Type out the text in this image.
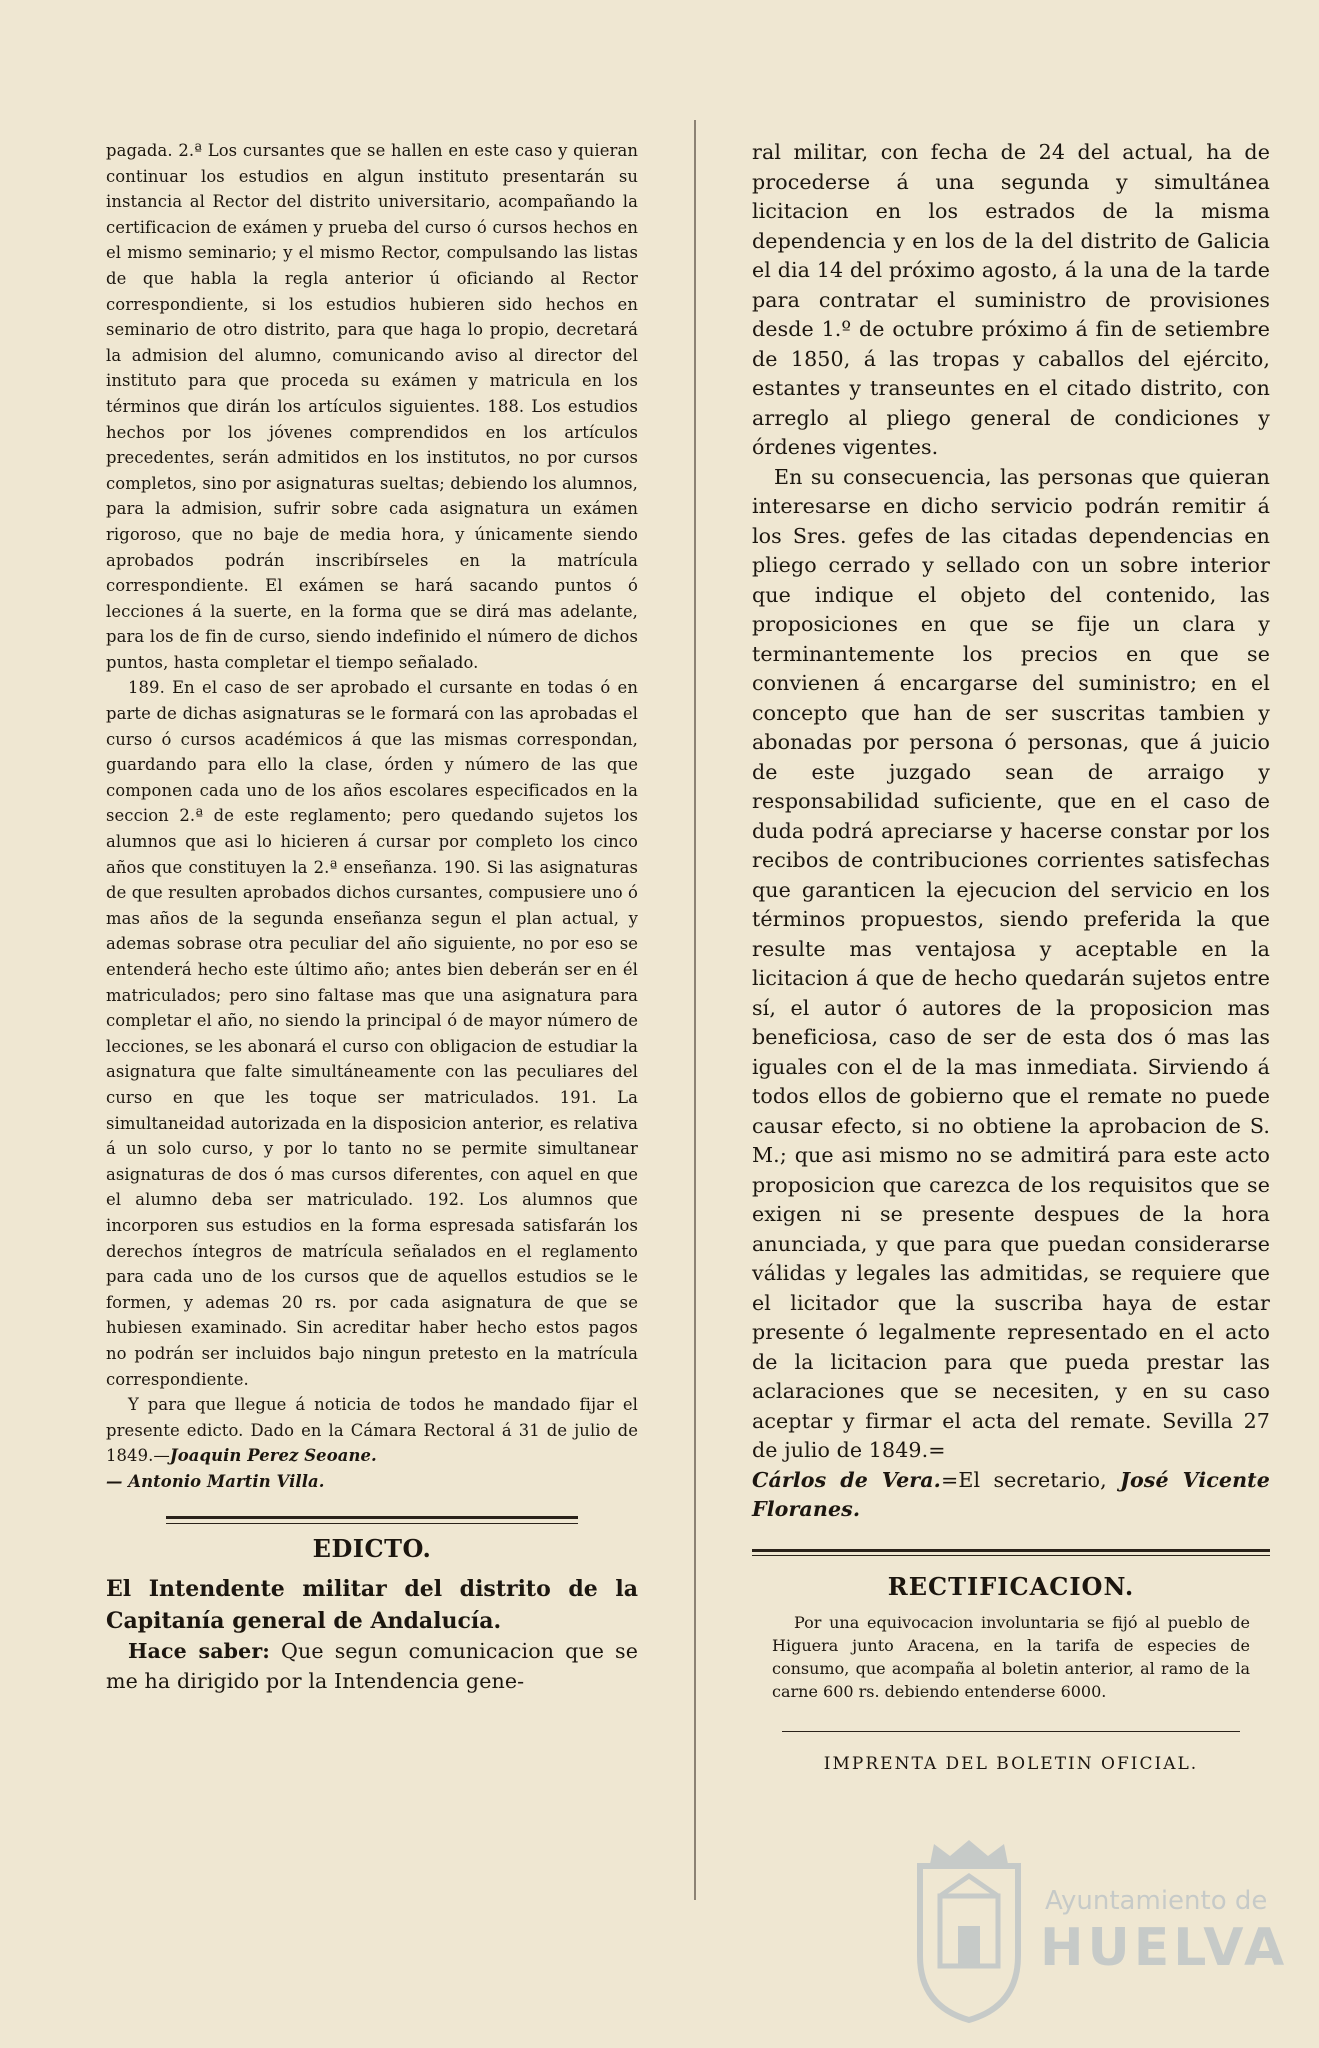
pagada. 2.ª Los cursantes que se hallen en este caso y quieran continuar los estudios en algun instituto presentarán su instancia al Rector del distrito universitario, acompañando la certificacion de exámen y prueba del curso ó cursos hechos en el mismo seminario; y el mismo Rector, compulsando las listas de que habla la regla anterior ú oficiando al Rector correspondiente, si los estudios hubieren sido hechos en seminario de otro distrito, para que haga lo propio, decretará la admision del alumno, comunicando aviso al director del instituto para que proceda su exámen y matricula en los términos que dirán los artículos siguientes. 188. Los estudios hechos por los jóvenes comprendidos en los artículos precedentes, serán admitidos en los institutos, no por cursos completos, sino por asignaturas sueltas; debiendo los alumnos, para la admision, sufrir sobre cada asignatura un exámen rigoroso, que no baje de media hora, y únicamente siendo aprobados podrán inscribírseles en la matrícula correspondiente. El exámen se hará sacando puntos ó lecciones á la suerte, en la forma que se dirá mas adelante, para los de fin de curso, siendo indefinido el número de dichos puntos, hasta completar el tiempo señalado.

189. En el caso de ser aprobado el cursante en todas ó en parte de dichas asignaturas se le formará con las aprobadas el curso ó cursos académicos á que las mismas correspondan, guardando para ello la clase, órden y número de las que componen cada uno de los años escolares especificados en la seccion 2.ª de este reglamento; pero quedando sujetos los alumnos que asi lo hicieren á cursar por completo los cinco años que constituyen la 2.ª enseñanza. 190. Si las asignaturas de que resulten aprobados dichos cursantes, compusiere uno ó mas años de la segunda enseñanza segun el plan actual, y ademas sobrase otra peculiar del año siguiente, no por eso se entenderá hecho este último año; antes bien deberán ser en él matriculados; pero sino faltase mas que una asignatura para completar el año, no siendo la principal ó de mayor número de lecciones, se les abonará el curso con obligacion de estudiar la asignatura que falte simultáneamente con las peculiares del curso en que les toque ser matriculados. 191. La simultaneidad autorizada en la disposicion anterior, es relativa á un solo curso, y por lo tanto no se permite simultanear asignaturas de dos ó mas cursos diferentes, con aquel en que el alumno deba ser matriculado. 192. Los alumnos que incorporen sus estudios en la forma espresada satisfarán los derechos íntegros de matrícula señalados en el reglamento para cada uno de los cursos que de aquellos estudios se le formen, y ademas 20 rs. por cada asignatura de que se hubiesen examinado. Sin acreditar haber hecho estos pagos no podrán ser incluidos bajo ningun pretesto en la matrícula correspondiente.

Y para que llegue á noticia de todos he mandado fijar el presente edicto. Dado en la Cámara Rectoral á 31 de julio de 1849.—Joaquin Perez Seoane.
— Antonio Martin Villa.

EDICTO.

El Intendente militar del distrito de la Capitanía general de Andalucía.

Hace saber: Que segun comunicacion que se me ha dirigido por la Intendencia gene-

ral militar, con fecha de 24 del actual, ha de procederse á una segunda y simultánea licitacion en los estrados de la misma dependencia y en los de la del distrito de Galicia el dia 14 del próximo agosto, á la una de la tarde para contratar el suministro de provisiones desde 1.º de octubre próximo á fin de setiembre de 1850, á las tropas y caballos del ejército, estantes y transeuntes en el citado distrito, con arreglo al pliego general de condiciones y órdenes vigentes.

En su consecuencia, las personas que quieran interesarse en dicho servicio podrán remitir á los Sres. gefes de las citadas dependencias en pliego cerrado y sellado con un sobre interior que indique el objeto del contenido, las proposiciones en que se fije un clara y terminantemente los precios en que se convienen á encargarse del suministro; en el concepto que han de ser suscritas tambien y abonadas por persona ó personas, que á juicio de este juzgado sean de arraigo y responsabilidad suficiente, que en el caso de duda podrá apreciarse y hacerse constar por los recibos de contribuciones corrientes satisfechas que garanticen la ejecucion del servicio en los términos propuestos, siendo preferida la que resulte mas ventajosa y aceptable en la licitacion á que de hecho quedarán sujetos entre sí, el autor ó autores de la proposicion mas beneficiosa, caso de ser de esta dos ó mas las iguales con el de la mas inmediata. Sirviendo á todos ellos de gobierno que el remate no puede causar efecto, si no obtiene la aprobacion de S. M.; que asi mismo no se admitirá para este acto proposicion que carezca de los requisitos que se exigen ni se presente despues de la hora anunciada, y que para que puedan considerarse válidas y legales las admitidas, se requiere que el licitador que la suscriba haya de estar presente ó legalmente representado en el acto de la licitacion para que pueda prestar las aclaraciones que se necesiten, y en su caso aceptar y firmar el acta del remate. Sevilla 27 de julio de 1849.=

Cárlos de Vera.=El secretario, José Vicente Floranes.

RECTIFICACION.

Por una equivocacion involuntaria se fijó al pueblo de Higuera junto Aracena, en la tarifa de especies de consumo, que acompaña al boletin anterior, al ramo de la carne 600 rs. debiendo entenderse 6000.

IMPRENTA DEL BOLETIN OFICIAL.

Ayuntamiento de
HUELVA
